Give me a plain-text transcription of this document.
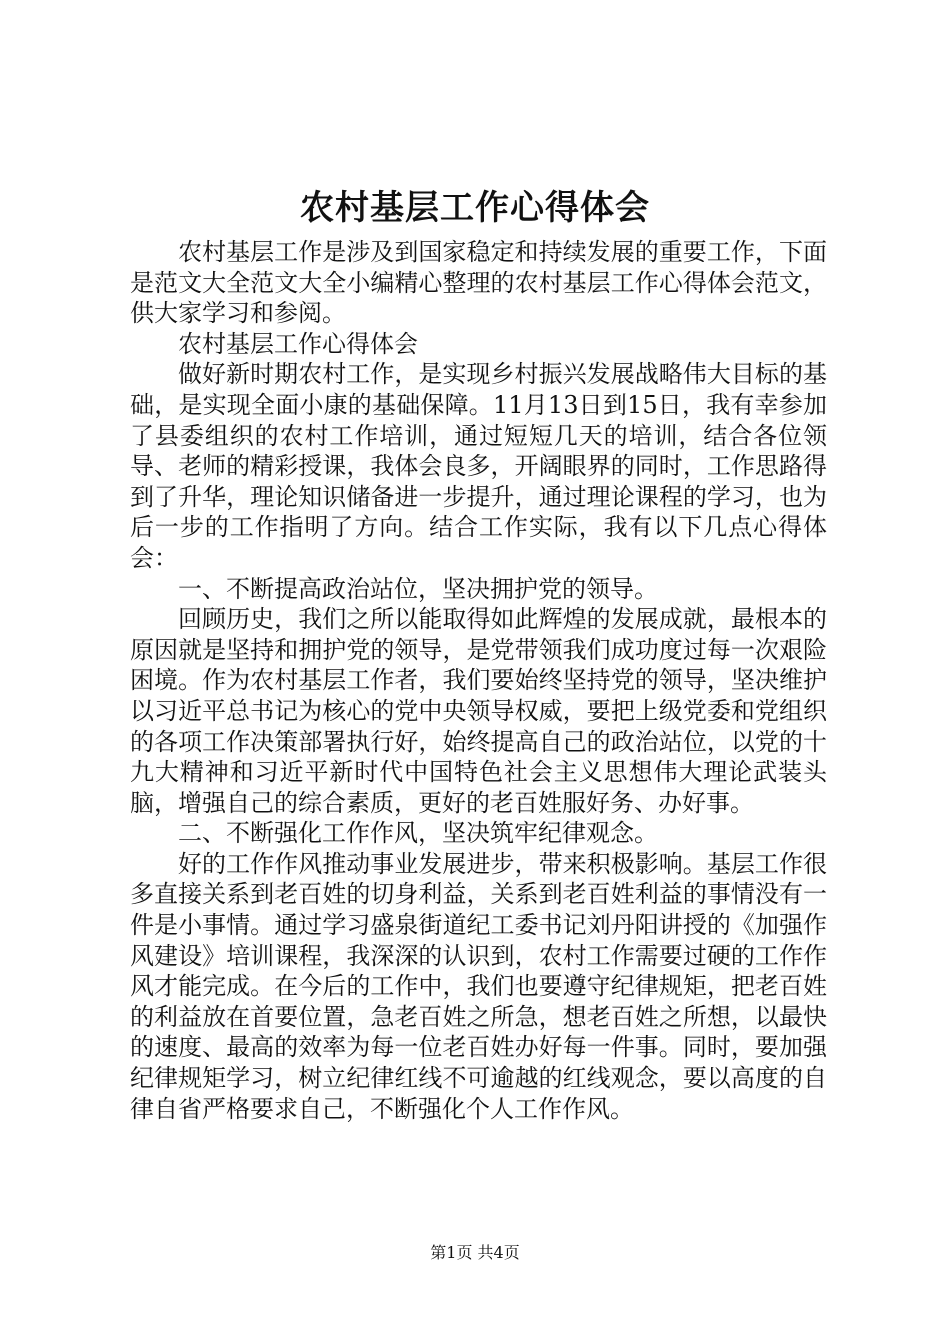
农村基层工作心得体会

农村基层工作是涉及到国家稳定和持续发展的重要工作，下面是范文大全范文大全小编精心整理的农村基层工作心得体会范文，供大家学习和参阅。

农村基层工作心得体会

做好新时期农村工作，是实现乡村振兴发展战略伟大目标的基础，是实现全面小康的基础保障。11月13日到15日，我有幸参加了县委组织的农村工作培训，通过短短几天的培训，结合各位领导、老师的精彩授课，我体会良多，开阔眼界的同时，工作思路得到了升华，理论知识储备进一步提升，通过理论课程的学习，也为后一步的工作指明了方向。结合工作实际，我有以下几点心得体会：

一、不断提高政治站位，坚决拥护党的领导。

回顾历史，我们之所以能取得如此辉煌的发展成就，最根本的原因就是坚持和拥护党的领导，是党带领我们成功度过每一次艰险困境。作为农村基层工作者，我们要始终坚持党的领导，坚决维护以习近平总书记为核心的党中央领导权威，要把上级党委和党组织的各项工作决策部署执行好，始终提高自己的政治站位，以党的十九大精神和习近平新时代中国特色社会主义思想伟大理论武装头脑，增强自己的综合素质，更好的老百姓服好务、办好事。

二、不断强化工作作风，坚决筑牢纪律观念。

好的工作作风推动事业发展进步，带来积极影响。基层工作很多直接关系到老百姓的切身利益，关系到老百姓利益的事情没有一件是小事情。通过学习盛泉街道纪工委书记刘丹阳讲授的《加强作风建设》培训课程，我深深的认识到，农村工作需要过硬的工作作风才能完成。在今后的工作中，我们也要遵守纪律规矩，把老百姓的利益放在首要位置，急老百姓之所急，想老百姓之所想，以最快的速度、最高的效率为每一位老百姓办好每一件事。同时，要加强纪律规矩学习，树立纪律红线不可逾越的红线观念，要以高度的自律自省严格要求自己，不断强化个人工作作风。

第1页 共4页
